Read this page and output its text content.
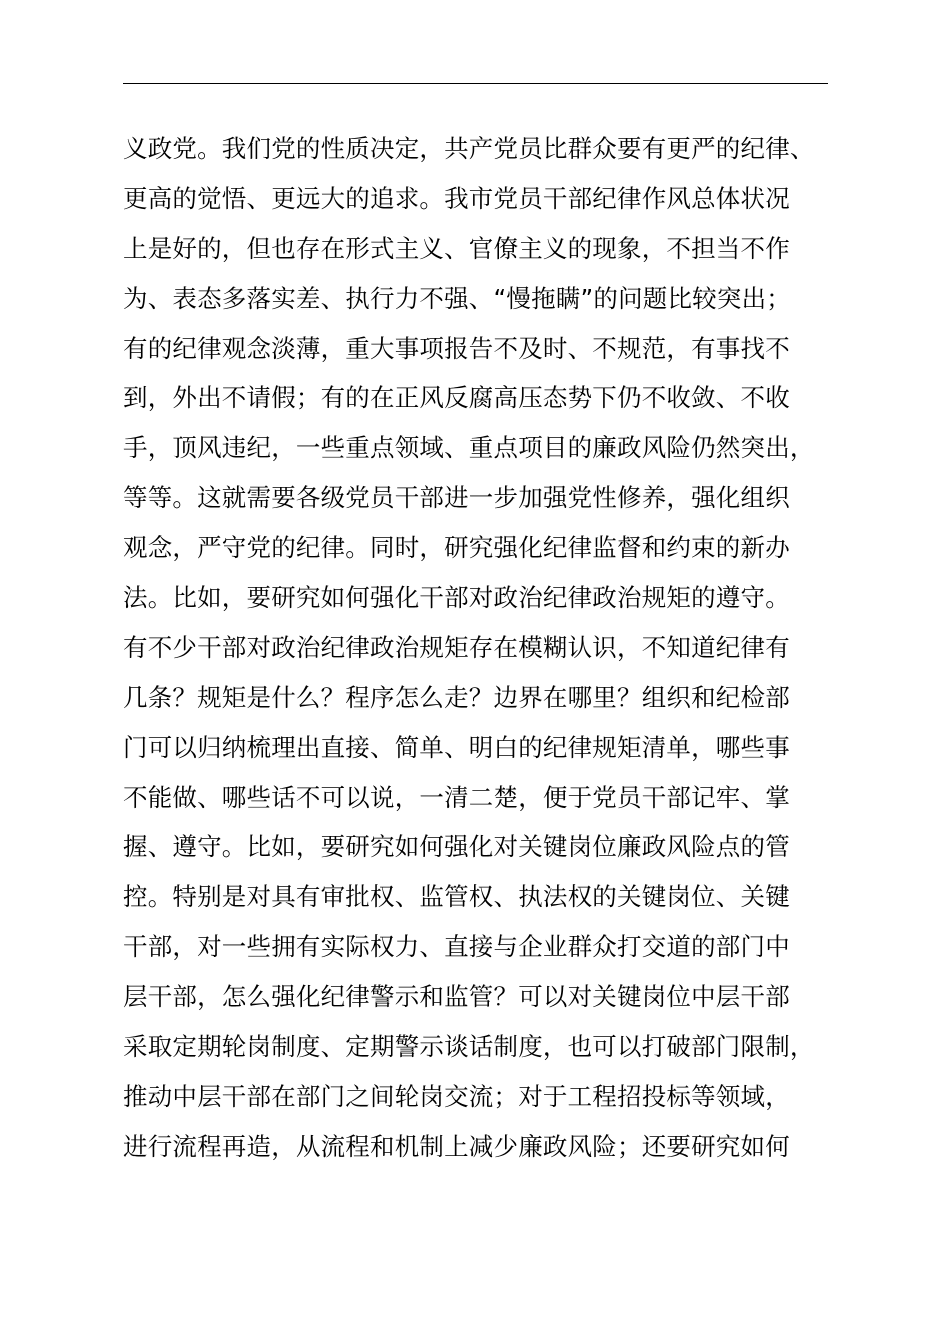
义政党。我们党的性质决定，共产党员比群众要有更严的纪律、
更高的觉悟、更远大的追求。我市党员干部纪律作风总体状况
上是好的，但也存在形式主义、官僚主义的现象，不担当不作
为、表态多落实差、执行力不强、“慢拖瞒”的问题比较突出；
有的纪律观念淡薄，重大事项报告不及时、不规范，有事找不
到，外出不请假；有的在正风反腐高压态势下仍不收敛、不收
手，顶风违纪，一些重点领域、重点项目的廉政风险仍然突出，
等等。这就需要各级党员干部进一步加强党性修养，强化组织
观念，严守党的纪律。同时，研究强化纪律监督和约束的新办
法。比如，要研究如何强化干部对政治纪律政治规矩的遵守。
有不少干部对政治纪律政治规矩存在模糊认识，不知道纪律有
几条？规矩是什么？程序怎么走？边界在哪里？组织和纪检部
门可以归纳梳理出直接、简单、明白的纪律规矩清单，哪些事
不能做、哪些话不可以说，一清二楚，便于党员干部记牢、掌
握、遵守。比如，要研究如何强化对关键岗位廉政风险点的管
控。特别是对具有审批权、监管权、执法权的关键岗位、关键
干部，对一些拥有实际权力、直接与企业群众打交道的部门中
层干部，怎么强化纪律警示和监管？可以对关键岗位中层干部
采取定期轮岗制度、定期警示谈话制度，也可以打破部门限制，
推动中层干部在部门之间轮岗交流；对于工程招投标等领域，
进行流程再造，从流程和机制上减少廉政风险；还要研究如何
